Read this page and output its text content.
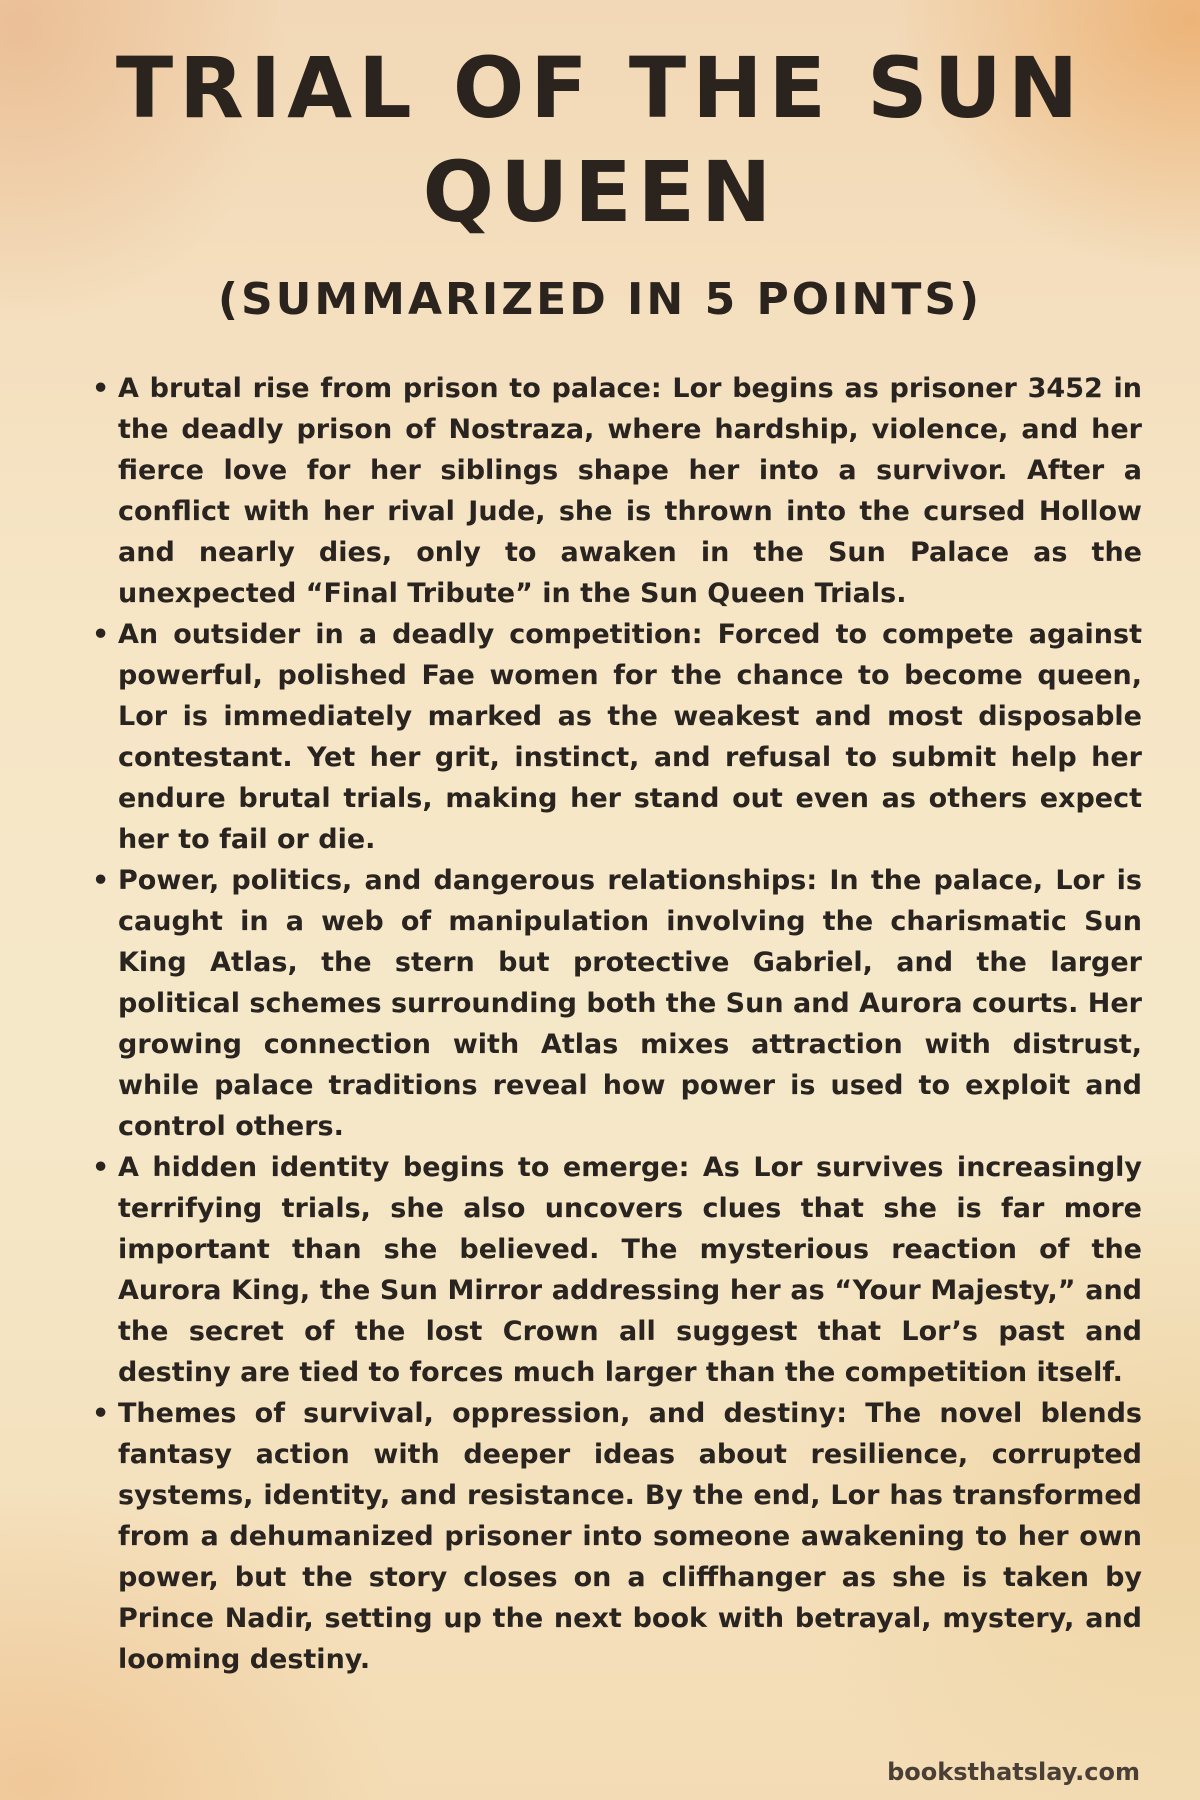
TRIAL OF THE SUN QUEEN
(SUMMARIZED IN 5 POINTS)
• A brutal rise from prison to palace: Lor begins as prisoner 3452 in the deadly prison of Nostraza, where hardship, violence, and her fierce love for her siblings shape her into a survivor. After a conflict with her rival Jude, she is thrown into the cursed Hollow and nearly dies, only to awaken in the Sun Palace as the unexpected “Final Tribute” in the Sun Queen Trials.
• An outsider in a deadly competition: Forced to compete against powerful, polished Fae women for the chance to become queen, Lor is immediately marked as the weakest and most disposable contestant. Yet her grit, instinct, and refusal to submit help her endure brutal trials, making her stand out even as others expect her to fail or die.
• Power, politics, and dangerous relationships: In the palace, Lor is caught in a web of manipulation involving the charismatic Sun King Atlas, the stern but protective Gabriel, and the larger political schemes surrounding both the Sun and Aurora courts. Her growing connection with Atlas mixes attraction with distrust, while palace traditions reveal how power is used to exploit and control others.
• A hidden identity begins to emerge: As Lor survives increasingly terrifying trials, she also uncovers clues that she is far more important than she believed. The mysterious reaction of the Aurora King, the Sun Mirror addressing her as “Your Majesty,” and the secret of the lost Crown all suggest that Lor’s past and destiny are tied to forces much larger than the competition itself.
• Themes of survival, oppression, and destiny: The novel blends fantasy action with deeper ideas about resilience, corrupted systems, identity, and resistance. By the end, Lor has transformed from a dehumanized prisoner into someone awakening to her own power, but the story closes on a cliffhanger as she is taken by Prince Nadir, setting up the next book with betrayal, mystery, and looming destiny.

booksthatslay.com
